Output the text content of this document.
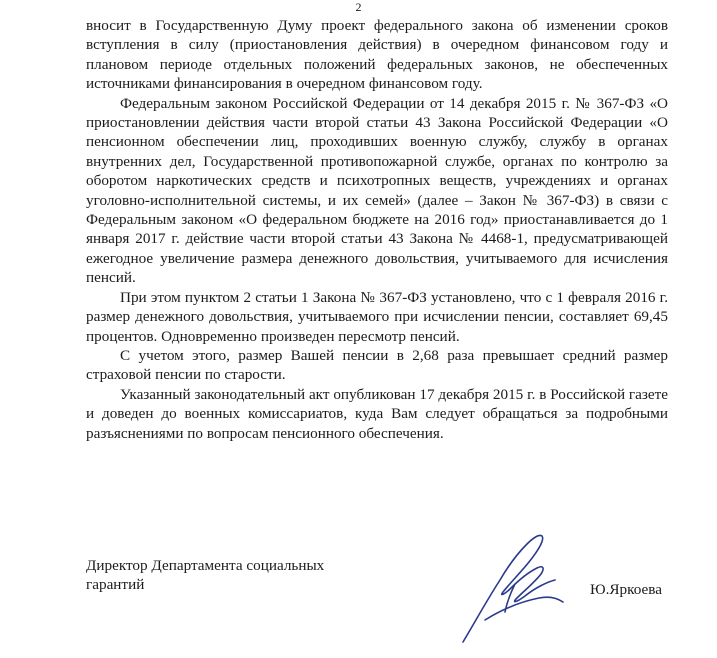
2

вносит в Государственную Думу проект федерального закона об изменении сроков вступления в силу (приостановления действия) в очередном финансовом году и плановом периоде отдельных положений федеральных законов, не обеспеченных источниками финансирования в очередном финансовом году.

Федеральным законом Российской Федерации от 14 декабря 2015 г. № 367-ФЗ «О приостановлении действия части второй статьи 43 Закона Российской Федерации «О пенсионном обеспечении лиц, проходивших военную службу, службу в органах внутренних дел, Государственной противопожарной службе, органах по контролю за оборотом наркотических средств и психотропных веществ, учреждениях и органах уголовно-исполнительной системы, и их семей» (далее – Закон № 367-ФЗ) в связи с Федеральным законом «О федеральном бюджете на 2016 год» приостанавливается до 1 января 2017 г. действие части второй статьи 43 Закона № 4468-1, предусматривающей ежегодное увеличение размера денежного довольствия, учитываемого для исчисления пенсий.

При этом пунктом 2 статьи 1 Закона № 367-ФЗ установлено, что с 1 февраля 2016 г. размер денежного довольствия, учитываемого при исчислении пенсии, составляет 69,45 процентов. Одновременно произведен пересмотр пенсий.

С учетом этого, размер Вашей пенсии в 2,68 раза превышает средний размер страховой пенсии по старости.

Указанный законодательный акт опубликован 17 декабря 2015 г. в Российской газете и доведен до военных комиссариатов, куда Вам следует обращаться за подробными разъяснениями по вопросам пенсионного обеспечения.

Директор Департамента социальных гарантий	Ю.Яркоева
